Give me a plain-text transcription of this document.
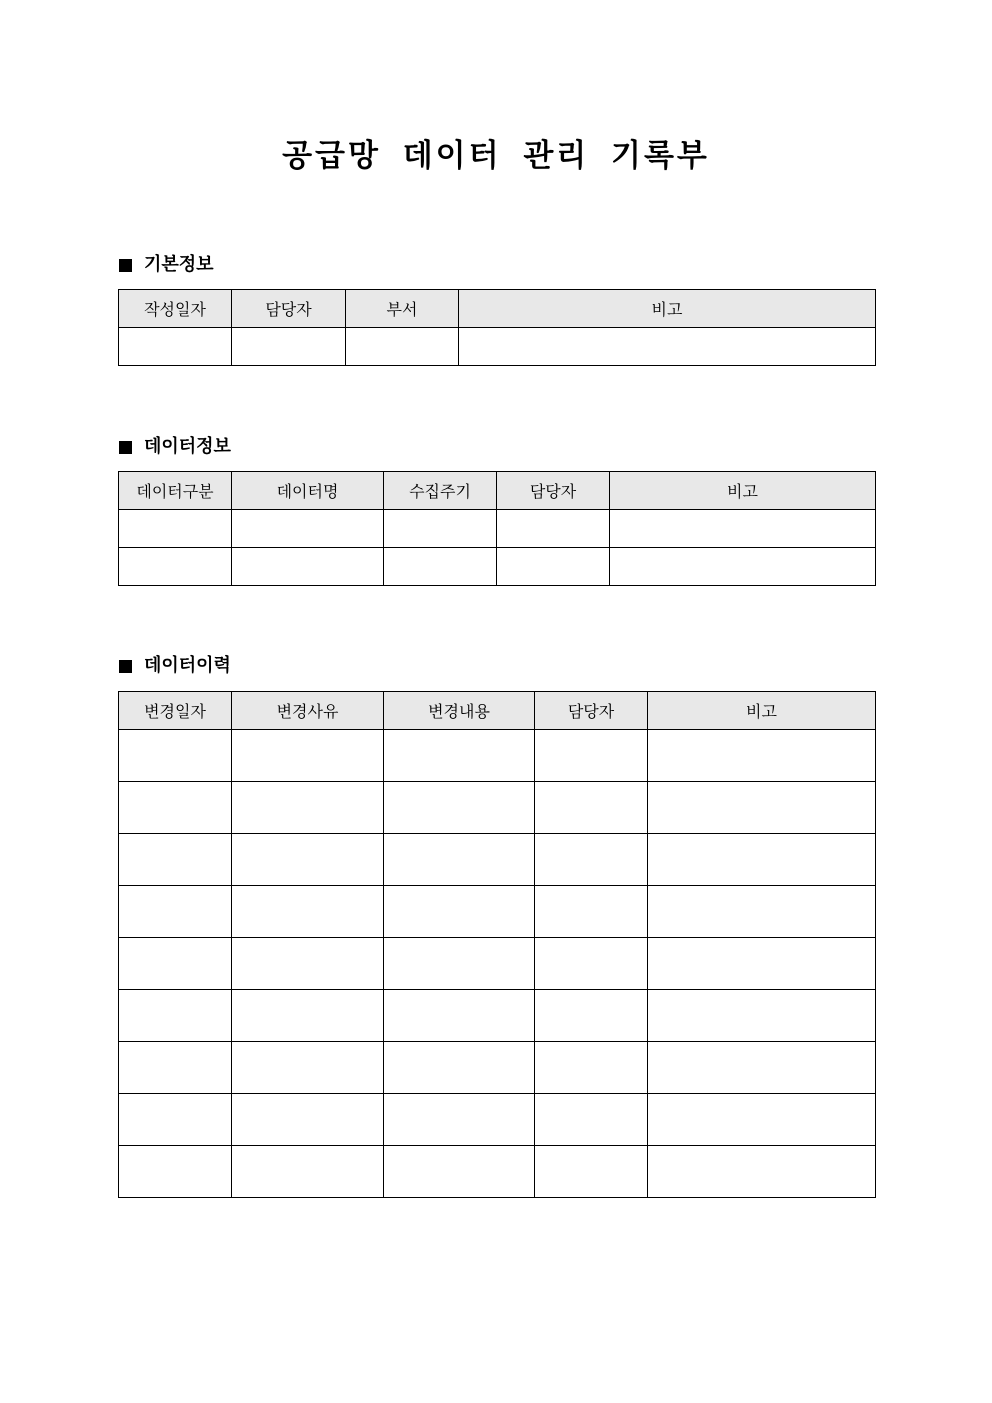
공급망 데이터 관리 기록부
기본정보
작성일자	담당자	부서	비고

데이터정보
데이터구분	데이터명	수집주기	담당자	비고

데이터이력
변경일자	변경사유	변경내용	담당자	비고
